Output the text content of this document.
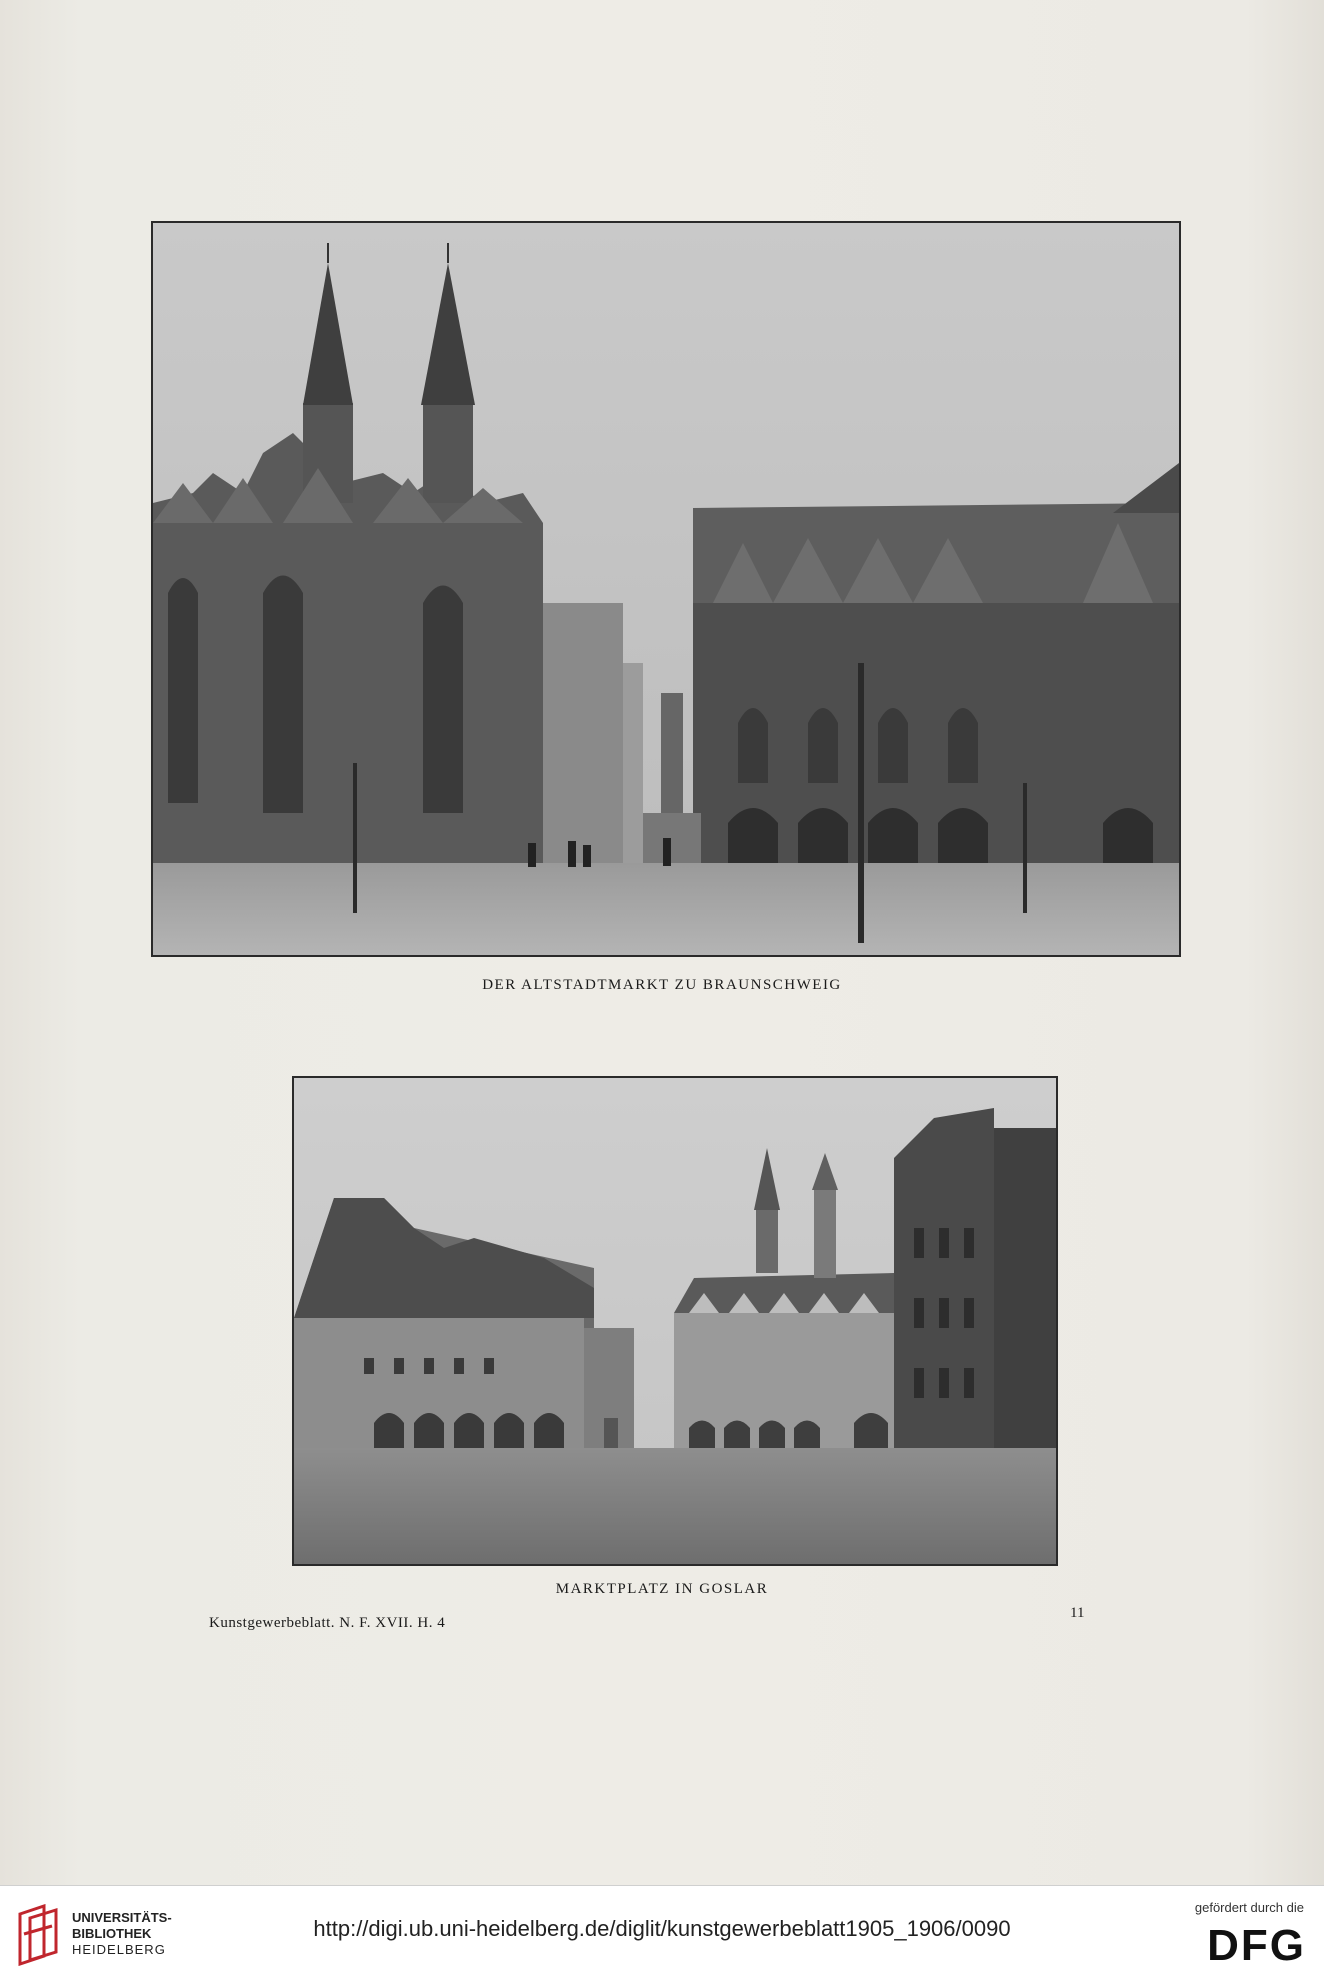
DER ALTSTADTMARKT ZU BRAUNSCHWEIG
MARKTPLATZ IN GOSLAR
Kunstgewerbeblatt. N. F. XVII. H. 4
11
UNIVERSITÄTS-
BIBLIOTHEK
HEIDELBERG
http://digi.ub.uni-heidelberg.de/diglit/kunstgewerbeblatt1905_1906/0090
gefördert durch die
DFG
